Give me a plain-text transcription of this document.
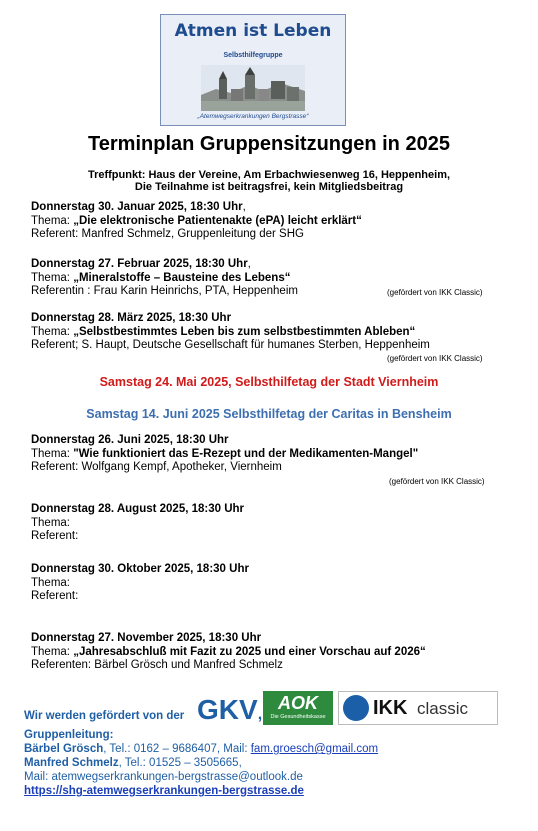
Atmen ist Leben
Selbsthilfegruppe
„Atemwegserkrankungen Bergstrasse“
Terminplan Gruppensitzungen in 2025
Treffpunkt: Haus der Vereine, Am Erbachwiesenweg 16, Heppenheim,
Die Teilnahme ist beitragsfrei, kein Mitgliedsbeitrag
Donnerstag 30. Januar 2025, 18:30 Uhr,
Thema: „Die elektronische Patientenakte (ePA) leicht erklärt“
Referent: Manfred Schmelz, Gruppenleitung der SHG
Donnerstag 27. Februar 2025, 18:30 Uhr,
Thema: „Mineralstoffe – Bausteine des Lebens“
Referentin : Frau Karin Heinrichs, PTA, Heppenheim	(gefördert von IKK Classic)
Donnerstag 28. März 2025, 18:30 Uhr
Thema: „Selbstbestimmtes Leben bis zum selbstbestimmten Ableben“
Referent; S. Haupt, Deutsche Gesellschaft für humanes Sterben, Heppenheim
(gefördert von IKK Classic)
Samstag 24. Mai 2025, Selbsthilfetag der Stadt Viernheim
Samstag 14. Juni 2025 Selbsthilfetag der Caritas in Bensheim
Donnerstag 26. Juni 2025, 18:30 Uhr
Thema: "Wie funktioniert das E-Rezept und der Medikamenten-Mangel"
Referent: Wolfgang Kempf, Apotheker, Viernheim
(gefördert von IKK Classic)
Donnerstag 28. August 2025, 18:30 Uhr
Thema:
Referent:
Donnerstag 30. Oktober 2025, 18:30 Uhr
Thema:
Referent:
Donnerstag 27. November 2025, 18:30 Uhr
Thema: „Jahresabschluß mit Fazit zu 2025 und einer Vorschau auf 2026“
Referenten: Bärbel Grösch und Manfred Schmelz
Wir werden gefördert von der GKV,
AOK
Die Gesundheitskasse	IKK classic
Gruppenleitung:
Bärbel Grösch, Tel.: 0162 – 9686407, Mail: fam.groesch@gmail.com
Manfred Schmelz, Tel.: 01525 – 3505665,
Mail: atemwegserkrankungen-bergstrasse@outlook.de
https://shg-atemwegserkrankungen-bergstrasse.de
